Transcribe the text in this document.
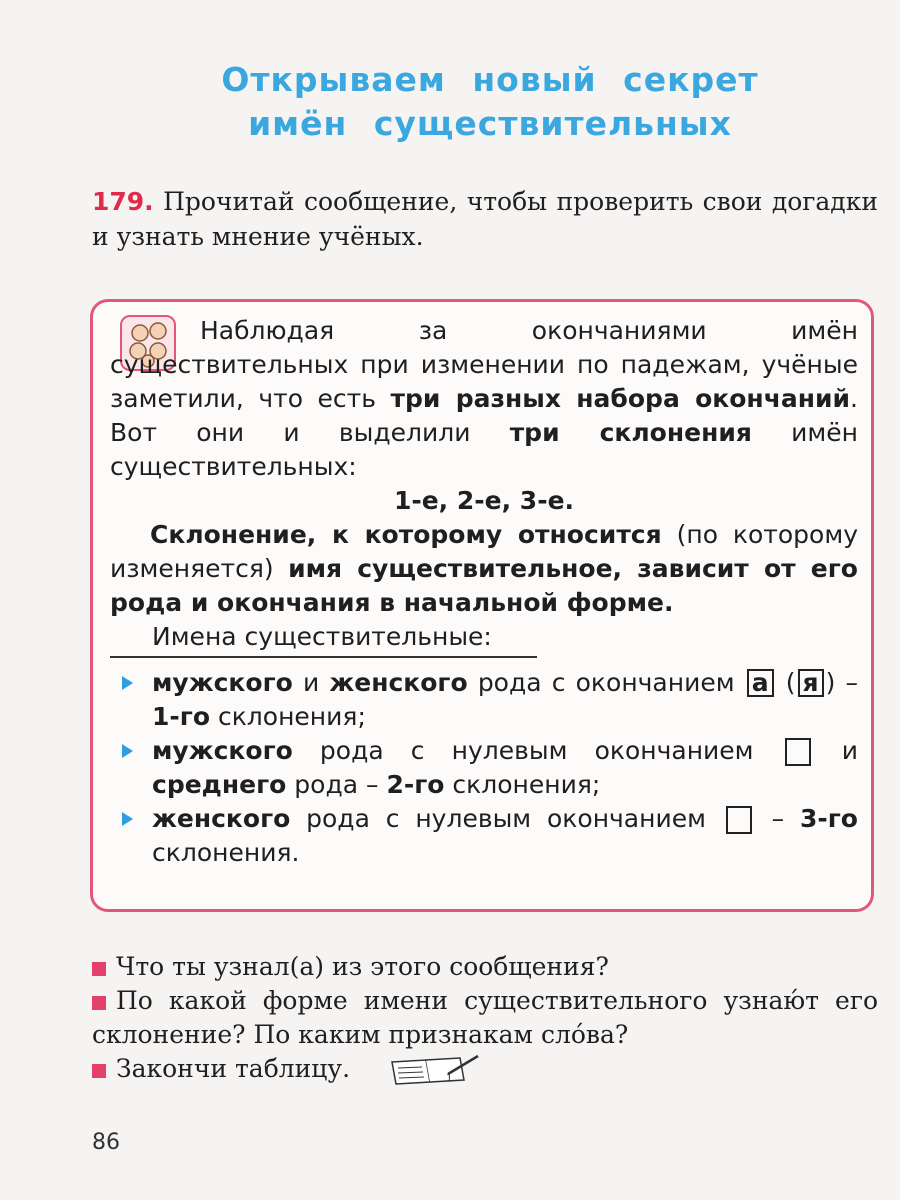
Открываем новый секрет
имён существительных
179. Прочитай сообщение, чтобы проверить свои догадки и узнать мнение учёных.

Наблюдая за окончаниями имён существительных при изменении по падежам, учёные заметили, что есть три разных набора окончаний. Вот они и выделили три склонения имён существительных:

1-е, 2-е, 3-е.

Склонение, к которому относится (по которому изменяется) имя существительное, зависит от его рода и окончания в начальной форме.

Имена существительные:

мужского и женского рода с окончанием а ( я ) – 1-го склонения;
мужского рода с нулевым окончанием  и среднего рода – 2-го склонения;
женского рода с нулевым окончанием  – 3-го склонения.

Что ты узнал(а) из этого сообщения?

По какой форме имени существительного узнаю́т его склонение? По каким признакам сло́ва?

Закончи таблицу.	1

86
